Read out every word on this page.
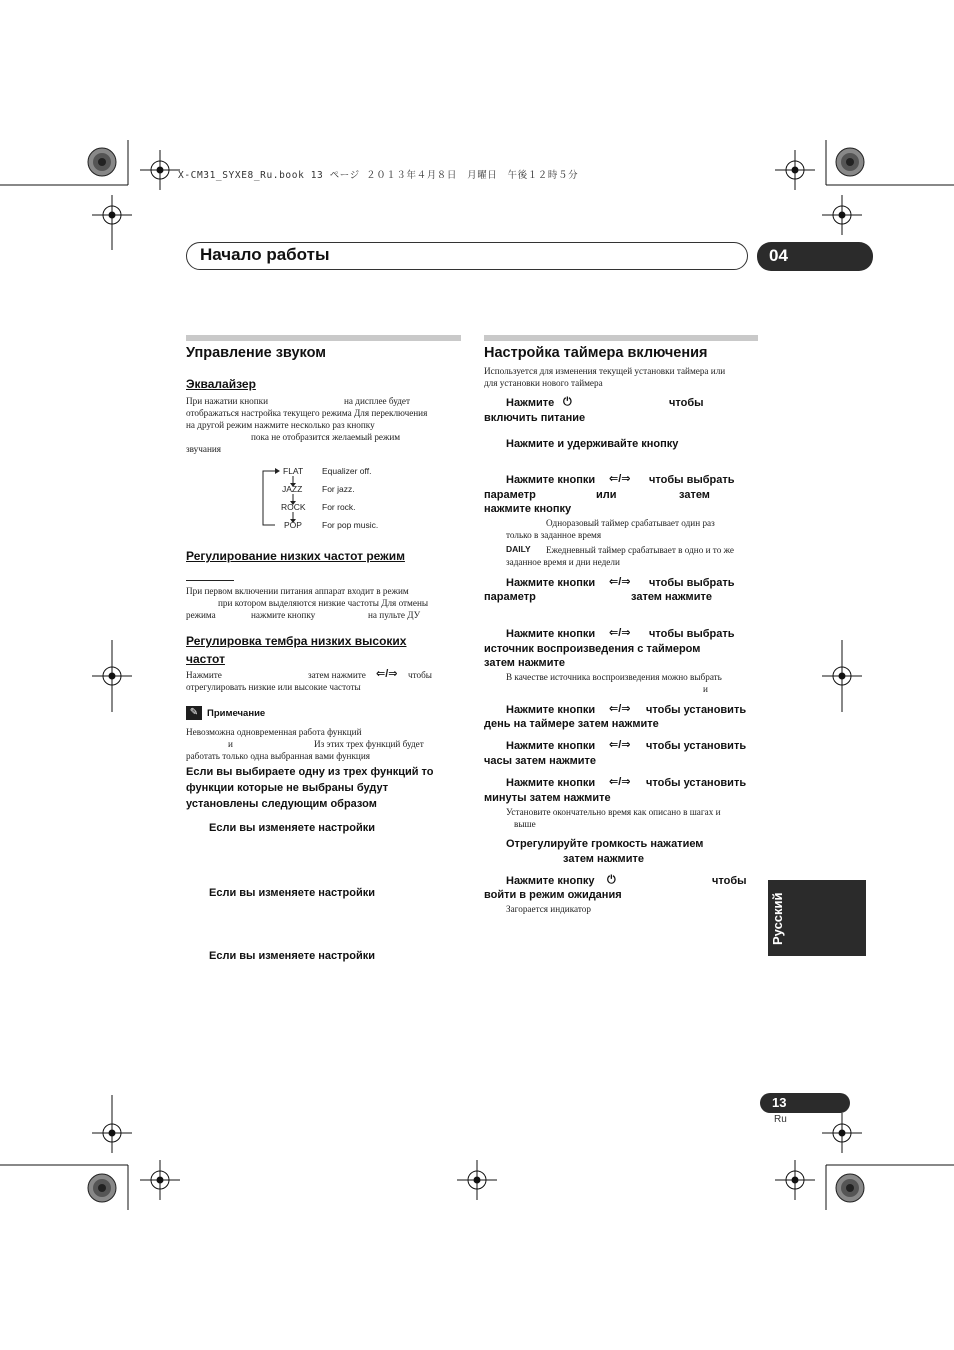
X-CM31_SYXE8_Ru.book 13 ページ ２０１３年４月８日　月曜日　午後１２時５分
Начало работы	04
Управление звуком
Эквалайзер
При нажатии кнопки	на дисплее будет
отображаться настройка текущего режима Для переключения
на другой режим нажмите несколько раз кнопку
пока не отобразится желаемый режим
звучания
FLAT Equalizer off.
JAZZ For jazz.
ROCK For rock.
POP For pop music.
Регулирование низких частот режим
При первом включении питания аппарат входит в режим
при котором выделяются низкие частоты Для отмены
режима	нажмите кнопку	на пульте ДУ
Регулировка тембра низких высоких
частот
Нажмите	затем нажмите ⇐/⇒ чтобы
отрегулировать низкие или высокие частоты
✎ Примечание
Невозможна одновременная работа функций
и	Из этих трех функций будет
работать только одна выбранная вами функция
Если вы выбираете одну из трех функций то
функции которые не выбраны будут
установлены следующим образом
Если вы изменяете настройки
Если вы изменяете настройки
Если вы изменяете настройки
Настройка таймера включения
Используется для изменения текущей установки таймера или
для установки нового таймера
Нажмите ⏻	чтобы
включить питание
Нажмите и удерживайте кнопку
Нажмите кнопки ⇐/⇒ чтобы выбрать
параметр	или	затем
нажмите кнопку
Одноразовый таймер срабатывает один раз
только в заданное время
DAILY Ежедневный таймер срабатывает в одно и то же
заданное время и дни недели
Нажмите кнопки ⇐/⇒ чтобы выбрать
параметр	затем нажмите
Нажмите кнопки ⇐/⇒ чтобы выбрать
источник воспроизведения с таймером
затем нажмите
В качестве источника воспроизведения можно выбрать
и
Нажмите кнопки ⇐/⇒ чтобы установить
день на таймере затем нажмите
Нажмите кнопки ⇐/⇒ чтобы установить
часы затем нажмите
Нажмите кнопки ⇐/⇒ чтобы установить
минуты затем нажмите
Установите окончательно время как описано в шагах и
выше
Отрегулируйте громкость нажатием
затем нажмите
Нажмите кнопку ⏻	чтобы
войти в режим ожидания
Загорается индикатор	Русский
13
Ru
